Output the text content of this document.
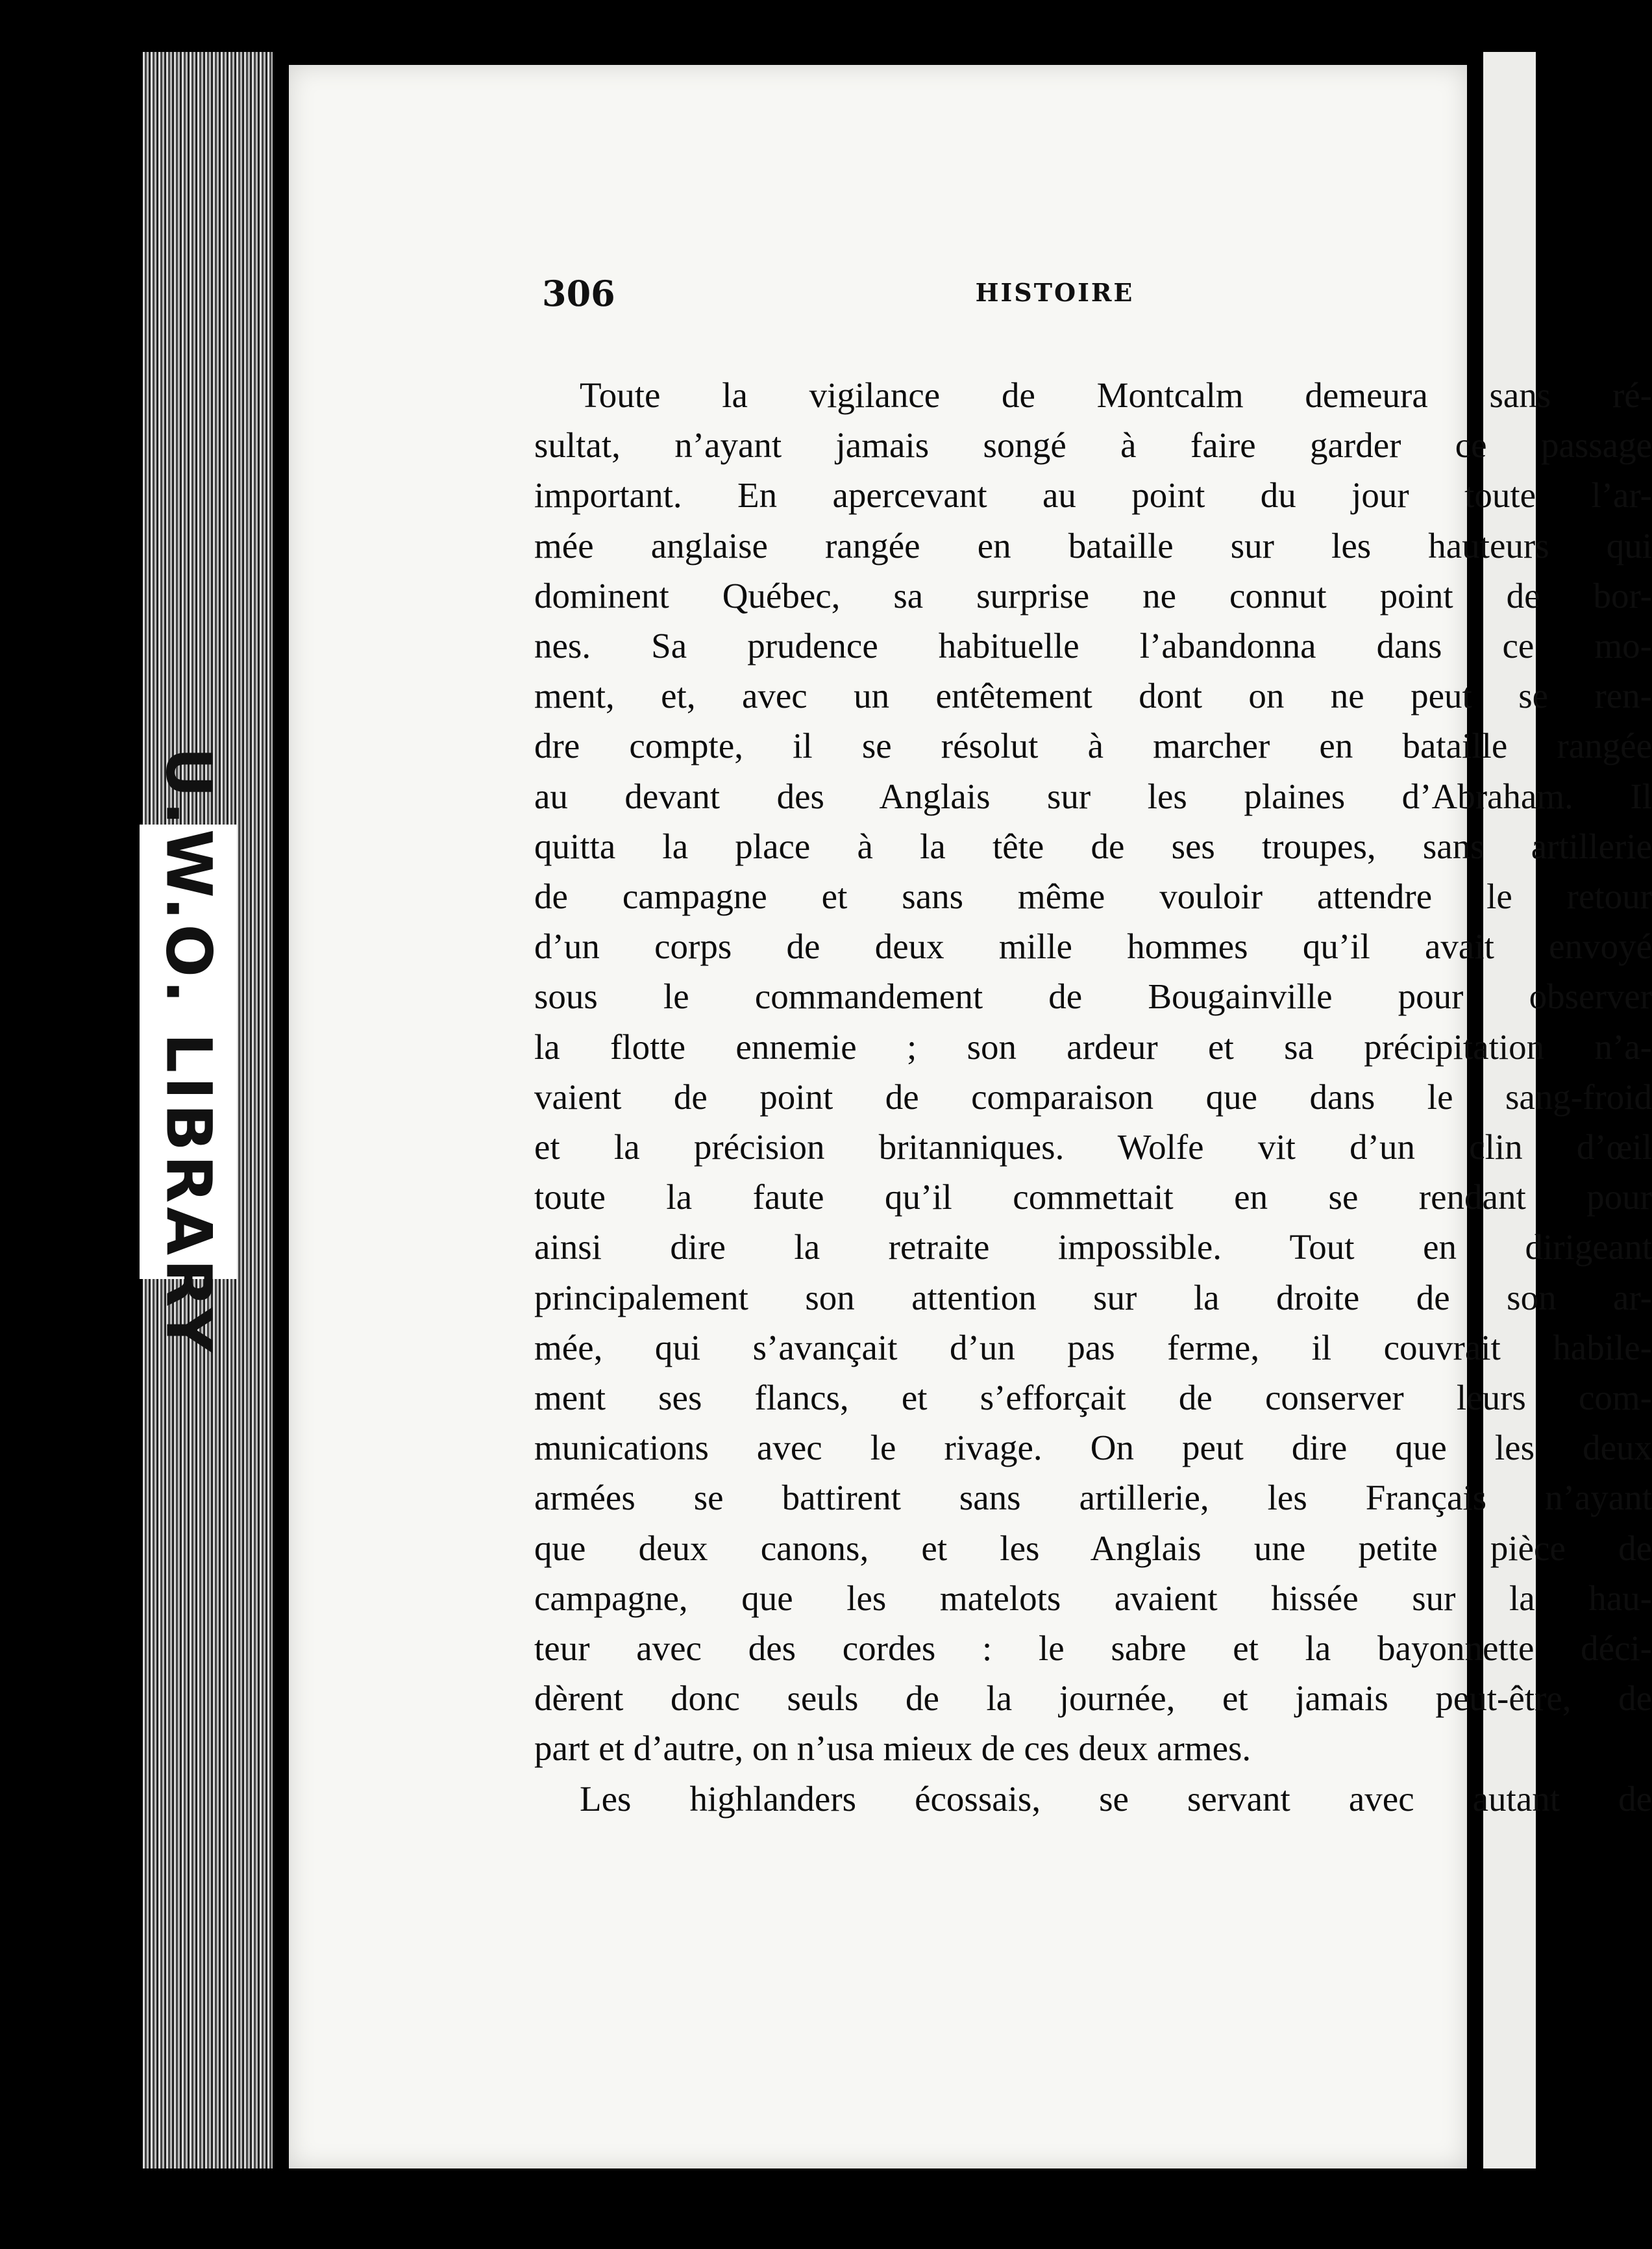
U.W.O. LIBRARY
306	HISTOIRE
Toute la vigilance de Montcalm demeura sans ré-
sultat, n’ayant jamais songé à faire garder ce passage
important. En apercevant au point du jour toute l’ar-
mée anglaise rangée en bataille sur les hauteurs qui
dominent Québec, sa surprise ne connut point de bor-
nes. Sa prudence habituelle l’abandonna dans ce mo-
ment, et, avec un entêtement dont on ne peut se ren-
dre compte, il se résolut à marcher en bataille rangée
au devant des Anglais sur les plaines d’Abraham. Il
quitta la place à la tête de ses troupes, sans artillerie
de campagne et sans même vouloir attendre le retour
d’un corps de deux mille hommes qu’il avait envoyé
sous le commandement de Bougainville pour observer
la flotte ennemie ; son ardeur et sa précipitation n’a-
vaient de point de comparaison que dans le sang-froid
et la précision britanniques. Wolfe vit d’un clin d’œil
toute la faute qu’il commettait en se rendant pour
ainsi dire la retraite impossible. Tout en dirigeant
principalement son attention sur la droite de son ar-
mée, qui s’avançait d’un pas ferme, il couvrait habile-
ment ses flancs, et s’efforçait de conserver leurs com-
munications avec le rivage. On peut dire que les deux
armées se battirent sans artillerie, les Français n’ayant
que deux canons, et les Anglais une petite pièce de
campagne, que les matelots avaient hissée sur la hau-
teur avec des cordes : le sabre et la bayonnette déci-
dèrent donc seuls de la journée, et jamais peut-être, de
part et d’autre, on n’usa mieux de ces deux armes.
Les highlanders écossais, se servant avec autant de
